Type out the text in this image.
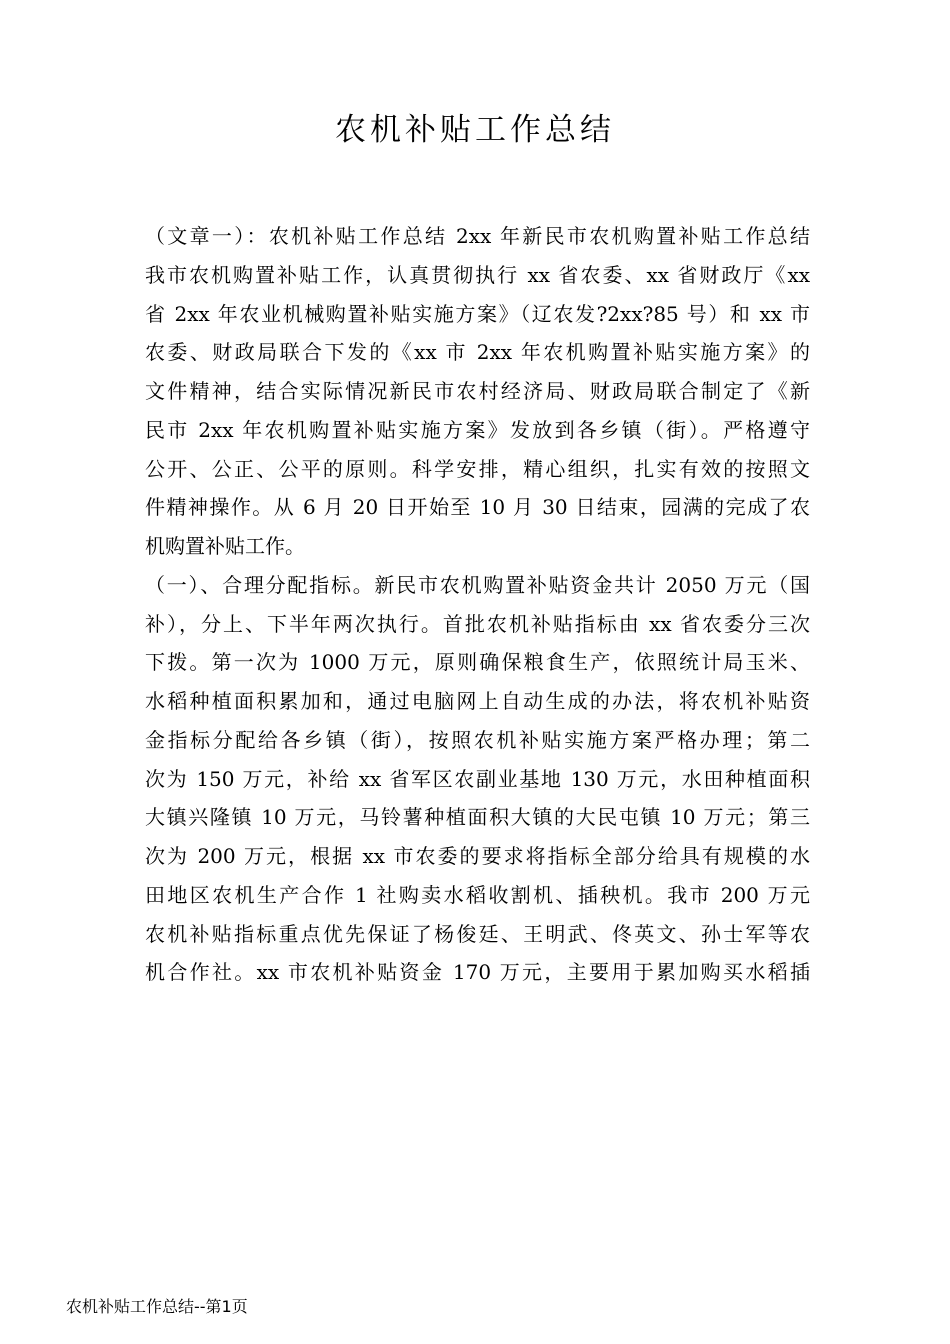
农机补贴工作总结
（文章一）：农机补贴工作总结 2xx 年新民市农机购置补贴工作总结
我市农机购置补贴工作，认真贯彻执行 xx 省农委、xx 省财政厅《xx
省 2xx 年农业机械购置补贴实施方案》（辽农发?2xx?85 号）和 xx 市
农委、财政局联合下发的《xx 市 2xx 年农机购置补贴实施方案》的
文件精神，结合实际情况新民市农村经济局、财政局联合制定了《新
民市 2xx 年农机购置补贴实施方案》发放到各乡镇（街）。严格遵守
公开、公正、公平的原则。科学安排，精心组织，扎实有效的按照文
件精神操作。从 6 月 20 日开始至 10 月 30 日结束，园满的完成了农
机购置补贴工作。
（一）、合理分配指标。新民市农机购置补贴资金共计 2050 万元（国
补），分上、下半年两次执行。首批农机补贴指标由 xx 省农委分三次
下拨。第一次为 1000 万元，原则确保粮食生产，依照统计局玉米、
水稻种植面积累加和，通过电脑网上自动生成的办法，将农机补贴资
金指标分配给各乡镇（街），按照农机补贴实施方案严格办理；第二
次为 150 万元，补给 xx 省军区农副业基地 130 万元，水田种植面积
大镇兴隆镇 10 万元，马铃薯种植面积大镇的大民屯镇 10 万元；第三
次为 200 万元，根据 xx 市农委的要求将指标全部分给具有规模的水
田地区农机生产合作 1 社购卖水稻收割机、插秧机。我市 200 万元
农机补贴指标重点优先保证了杨俊廷、王明武、佟英文、孙士军等农
机合作社。xx 市农机补贴资金 170 万元，主要用于累加购买水稻插
农机补贴工作总结--第1页
